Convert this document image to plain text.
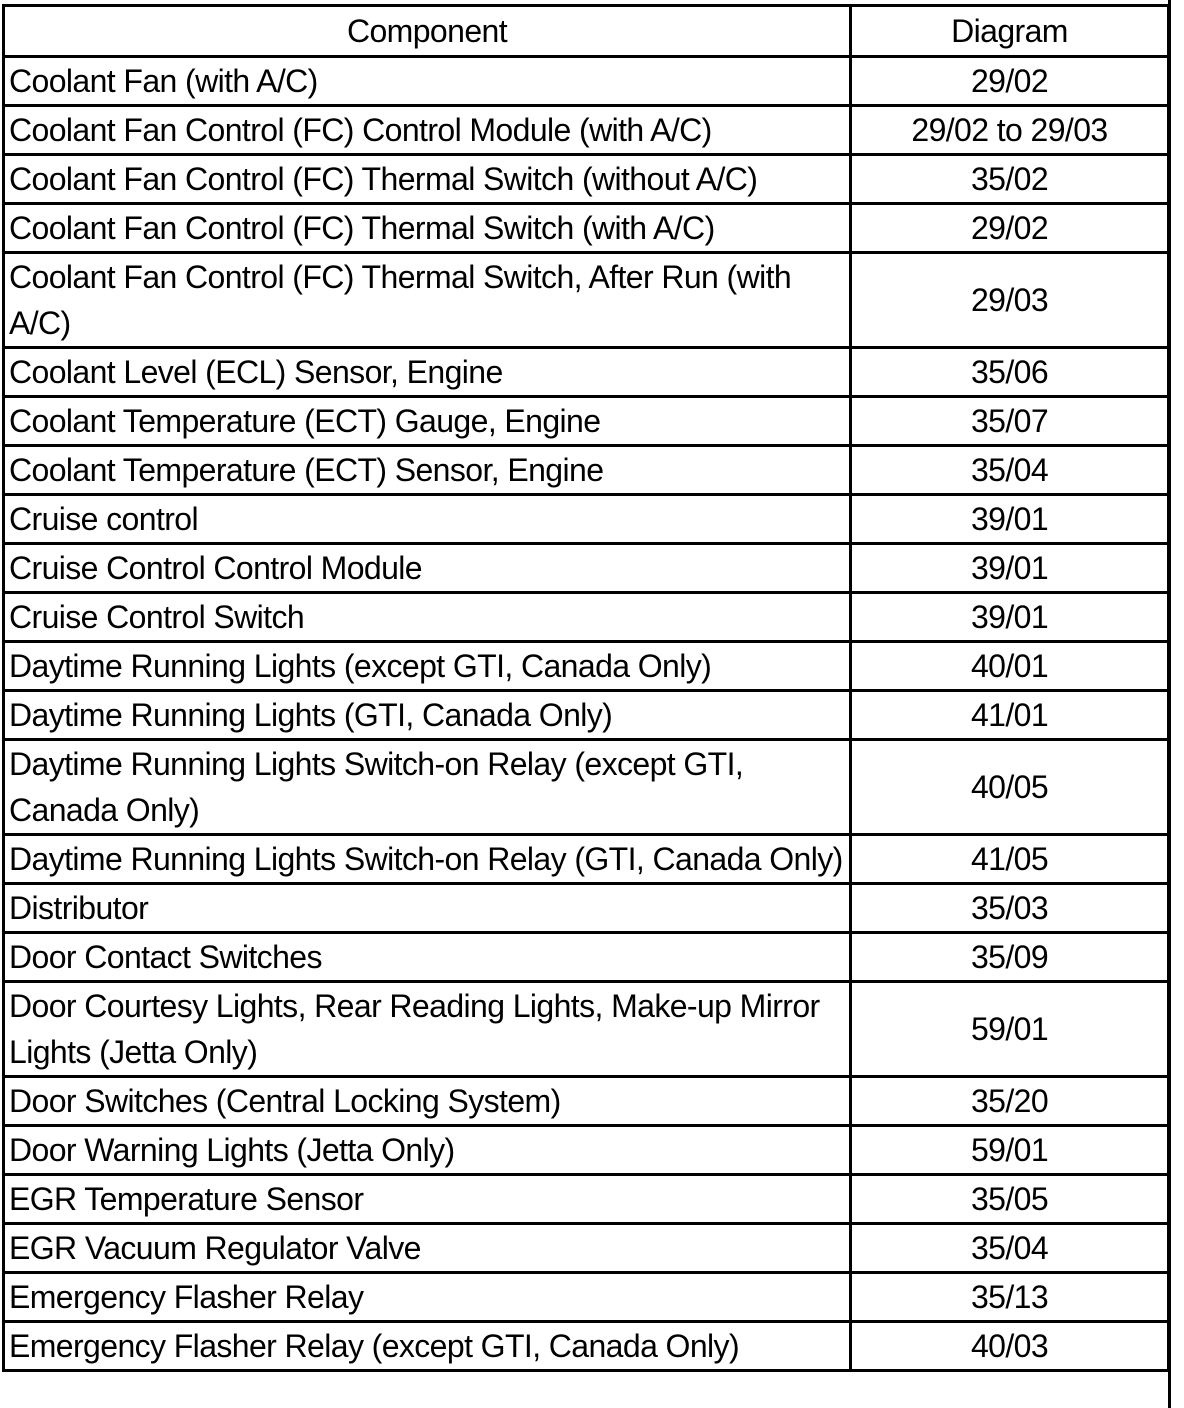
Component	Diagram
Coolant Fan (with A/C)	29/02
Coolant Fan Control (FC) Control Module (with A/C)	29/02 to 29/03
Coolant Fan Control (FC) Thermal Switch (without A/C)	35/02
Coolant Fan Control (FC) Thermal Switch (with A/C)	29/02
Coolant Fan Control (FC) Thermal Switch, After Run (with A/C)	29/03
Coolant Level (ECL) Sensor, Engine	35/06
Coolant Temperature (ECT) Gauge, Engine	35/07
Coolant Temperature (ECT) Sensor, Engine	35/04
Cruise control	39/01
Cruise Control Control Module	39/01
Cruise Control Switch	39/01
Daytime Running Lights (except GTI, Canada Only)	40/01
Daytime Running Lights (GTI, Canada Only)	41/01
Daytime Running Lights Switch-on Relay (except GTI, Canada Only)	40/05
Daytime Running Lights Switch-on Relay (GTI, Canada Only)	41/05
Distributor	35/03
Door Contact Switches	35/09
Door Courtesy Lights, Rear Reading Lights, Make-up Mirror Lights (Jetta Only)	59/01
Door Switches (Central Locking System)	35/20
Door Warning Lights (Jetta Only)	59/01
EGR Temperature Sensor	35/05
EGR Vacuum Regulator Valve	35/04
Emergency Flasher Relay	35/13
Emergency Flasher Relay (except GTI, Canada Only)	40/03
